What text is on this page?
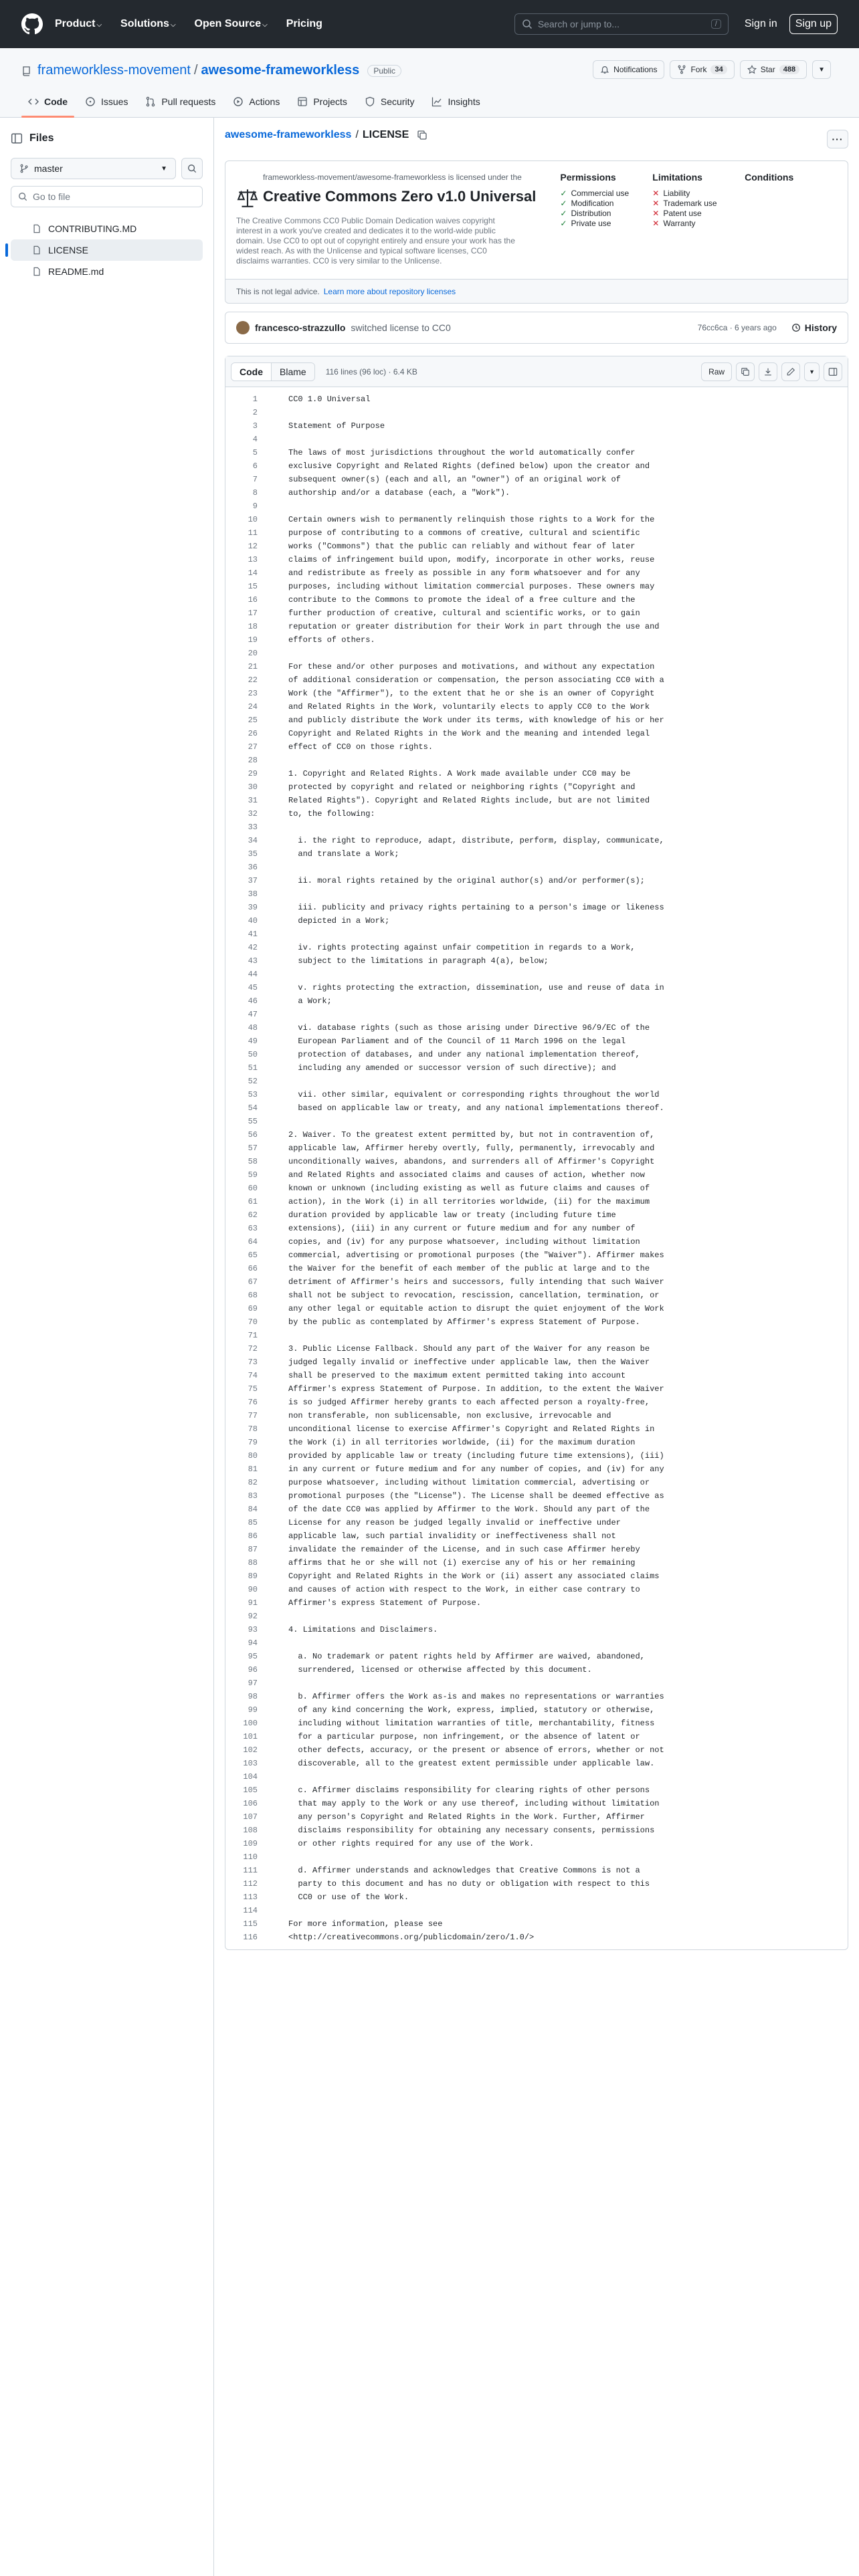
Product ⌵ Solutions ⌵ Open Source ⌵ Pricing	Search or jump to...	/	Sign in	Sign up
frameworkless-movement / awesome-frameworkless	Public	Notifications	Fork	34	Star	488	▼
Code	Issues	Pull requests	Actions	Projects	Security	Insights
Files
master	▼
Go to file
CONTRIBUTING.MD
LICENSE
README.md
awesome-frameworkless / LICENSE	···
frameworkless-movement/awesome-frameworkless is licensed under the
Creative Commons Zero v1.0 Universal
The Creative Commons CC0 Public Domain Dedication waives copyright interest in a work you've created and dedicates it to the world-wide public domain. Use CC0 to opt out of copyright entirely and ensure your work has the widest reach. As with the Unlicense and typical software licenses, CC0 disclaims warranties. CC0 is very similar to the Unlicense.
Permissions
✓ Commercial use
✓ Modification
✓ Distribution
✓ Private use
Limitations
✕ Liability
✕ Trademark use
✕ Patent use
✕ Warranty
Conditions
This is not legal advice. Learn more about repository licenses
francesco-strazzullo switched license to CC0	76cc6ca · 6 years ago	History
Code	Blame	116 lines (96 loc) · 6.4 KB	Raw	▼
1	CC0 1.0 Universal
2
3	Statement of Purpose
4
5	The laws of most jurisdictions throughout the world automatically confer
6	exclusive Copyright and Related Rights (defined below) upon the creator and
7	subsequent owner(s) (each and all, an "owner") of an original work of
8	authorship and/or a database (each, a "Work").
9
10	Certain owners wish to permanently relinquish those rights to a Work for the
11	purpose of contributing to a commons of creative, cultural and scientific
12	works ("Commons") that the public can reliably and without fear of later
13	claims of infringement build upon, modify, incorporate in other works, reuse
14	and redistribute as freely as possible in any form whatsoever and for any
15	purposes, including without limitation commercial purposes. These owners may
16	contribute to the Commons to promote the ideal of a free culture and the
17	further production of creative, cultural and scientific works, or to gain
18	reputation or greater distribution for their Work in part through the use and
19	efforts of others.
20
21	For these and/or other purposes and motivations, and without any expectation
22	of additional consideration or compensation, the person associating CC0 with a
23	Work (the "Affirmer"), to the extent that he or she is an owner of Copyright
24	and Related Rights in the Work, voluntarily elects to apply CC0 to the Work
25	and publicly distribute the Work under its terms, with knowledge of his or her
26	Copyright and Related Rights in the Work and the meaning and intended legal
27	effect of CC0 on those rights.
28
29	1. Copyright and Related Rights. A Work made available under CC0 may be
30	protected by copyright and related or neighboring rights ("Copyright and
31	Related Rights"). Copyright and Related Rights include, but are not limited
32	to, the following:
33
34	i. the right to reproduce, adapt, distribute, perform, display, communicate,
35	and translate a Work;
36
37	ii. moral rights retained by the original author(s) and/or performer(s);
38
39	iii. publicity and privacy rights pertaining to a person's image or likeness
40	depicted in a Work;
41
42	iv. rights protecting against unfair competition in regards to a Work,
43	subject to the limitations in paragraph 4(a), below;
44
45	v. rights protecting the extraction, dissemination, use and reuse of data in
46	a Work;
47
48	vi. database rights (such as those arising under Directive 96/9/EC of the
49	European Parliament and of the Council of 11 March 1996 on the legal
50	protection of databases, and under any national implementation thereof,
51	including any amended or successor version of such directive); and
52
53	vii. other similar, equivalent or corresponding rights throughout the world
54	based on applicable law or treaty, and any national implementations thereof.
55
56	2. Waiver. To the greatest extent permitted by, but not in contravention of,
57	applicable law, Affirmer hereby overtly, fully, permanently, irrevocably and
58	unconditionally waives, abandons, and surrenders all of Affirmer's Copyright
59	and Related Rights and associated claims and causes of action, whether now
60	known or unknown (including existing as well as future claims and causes of
61	action), in the Work (i) in all territories worldwide, (ii) for the maximum
62	duration provided by applicable law or treaty (including future time
63	extensions), (iii) in any current or future medium and for any number of
64	copies, and (iv) for any purpose whatsoever, including without limitation
65	commercial, advertising or promotional purposes (the "Waiver"). Affirmer makes
66	the Waiver for the benefit of each member of the public at large and to the
67	detriment of Affirmer's heirs and successors, fully intending that such Waiver
68	shall not be subject to revocation, rescission, cancellation, termination, or
69	any other legal or equitable action to disrupt the quiet enjoyment of the Work
70	by the public as contemplated by Affirmer's express Statement of Purpose.
71
72	3. Public License Fallback. Should any part of the Waiver for any reason be
73	judged legally invalid or ineffective under applicable law, then the Waiver
74	shall be preserved to the maximum extent permitted taking into account
75	Affirmer's express Statement of Purpose. In addition, to the extent the Waiver
76	is so judged Affirmer hereby grants to each affected person a royalty-free,
77	non transferable, non sublicensable, non exclusive, irrevocable and
78	unconditional license to exercise Affirmer's Copyright and Related Rights in
79	the Work (i) in all territories worldwide, (ii) for the maximum duration
80	provided by applicable law or treaty (including future time extensions), (iii)
81	in any current or future medium and for any number of copies, and (iv) for any
82	purpose whatsoever, including without limitation commercial, advertising or
83	promotional purposes (the "License"). The License shall be deemed effective as
84	of the date CC0 was applied by Affirmer to the Work. Should any part of the
85	License for any reason be judged legally invalid or ineffective under
86	applicable law, such partial invalidity or ineffectiveness shall not
87	invalidate the remainder of the License, and in such case Affirmer hereby
88	affirms that he or she will not (i) exercise any of his or her remaining
89	Copyright and Related Rights in the Work or (ii) assert any associated claims
90	and causes of action with respect to the Work, in either case contrary to
91	Affirmer's express Statement of Purpose.
92
93	4. Limitations and Disclaimers.
94
95	a. No trademark or patent rights held by Affirmer are waived, abandoned,
96	surrendered, licensed or otherwise affected by this document.
97
98	b. Affirmer offers the Work as-is and makes no representations or warranties
99	of any kind concerning the Work, express, implied, statutory or otherwise,
100	including without limitation warranties of title, merchantability, fitness
101	for a particular purpose, non infringement, or the absence of latent or
102	other defects, accuracy, or the present or absence of errors, whether or not
103	discoverable, all to the greatest extent permissible under applicable law.
104
105	c. Affirmer disclaims responsibility for clearing rights of other persons
106	that may apply to the Work or any use thereof, including without limitation
107	any person's Copyright and Related Rights in the Work. Further, Affirmer
108	disclaims responsibility for obtaining any necessary consents, permissions
109	or other rights required for any use of the Work.
110
111	d. Affirmer understands and acknowledges that Creative Commons is not a
112	party to this document and has no duty or obligation with respect to this
113	CC0 or use of the Work.
114
115	For more information, please see
116	<http://creativecommons.org/publicdomain/zero/1.0/>
